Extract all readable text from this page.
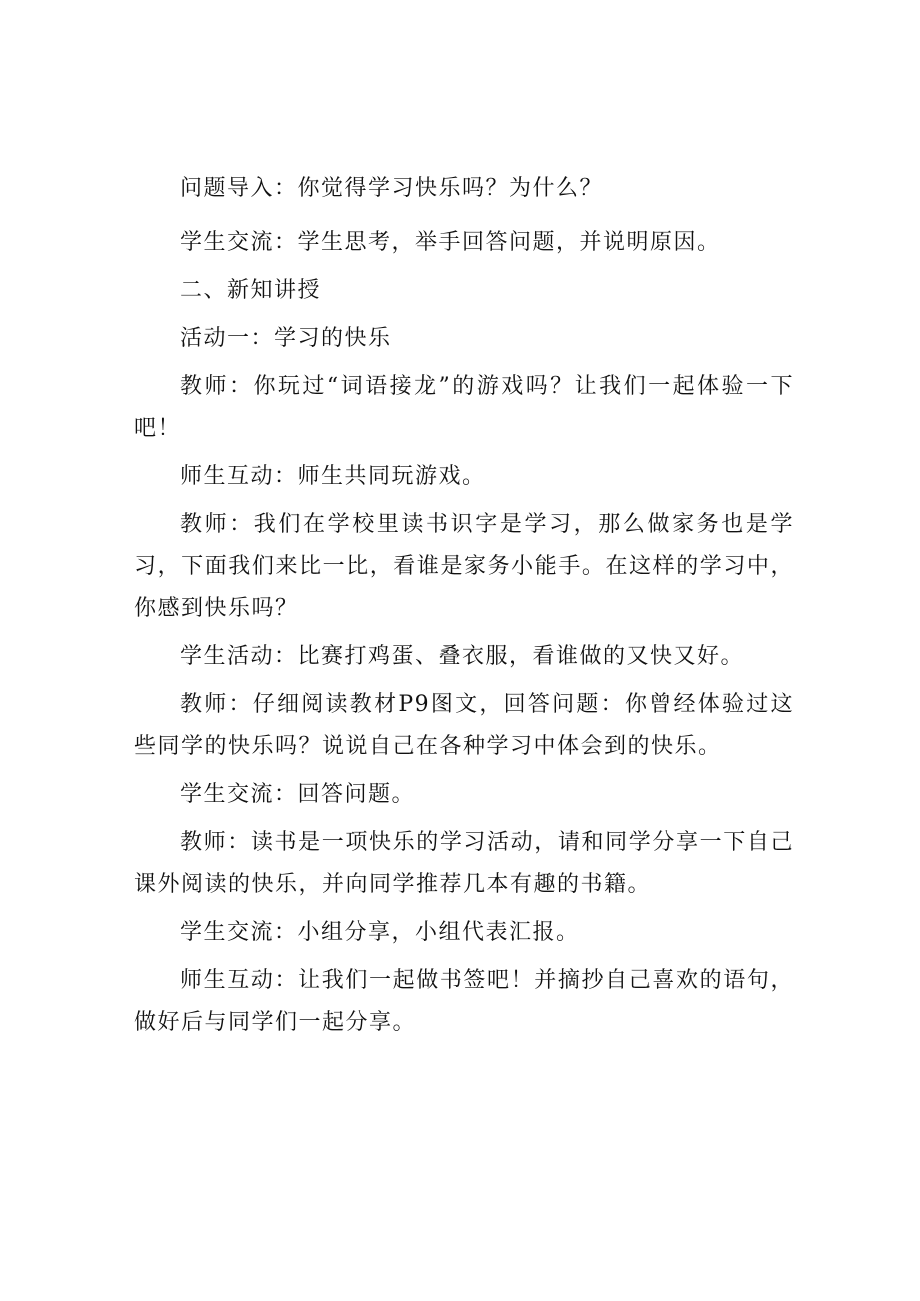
问题导入：你觉得学习快乐吗？为什么？

学生交流：学生思考，举手回答问题，并说明原因。

二、新知讲授

活动一：学习的快乐

教师：你玩过“词语接龙”的游戏吗？让我们一起体验一下吧！

师生互动：师生共同玩游戏。

教师：我们在学校里读书识字是学习，那么做家务也是学习，下面我们来比一比，看谁是家务小能手。在这样的学习中，你感到快乐吗？

学生活动：比赛打鸡蛋、叠衣服，看谁做的又快又好。

教师：仔细阅读教材P9图文，回答问题：你曾经体验过这些同学的快乐吗？说说自己在各种学习中体会到的快乐。

学生交流：回答问题。

教师：读书是一项快乐的学习活动，请和同学分享一下自己课外阅读的快乐，并向同学推荐几本有趣的书籍。

学生交流：小组分享，小组代表汇报。

师生互动：让我们一起做书签吧！并摘抄自己喜欢的语句，做好后与同学们一起分享。
